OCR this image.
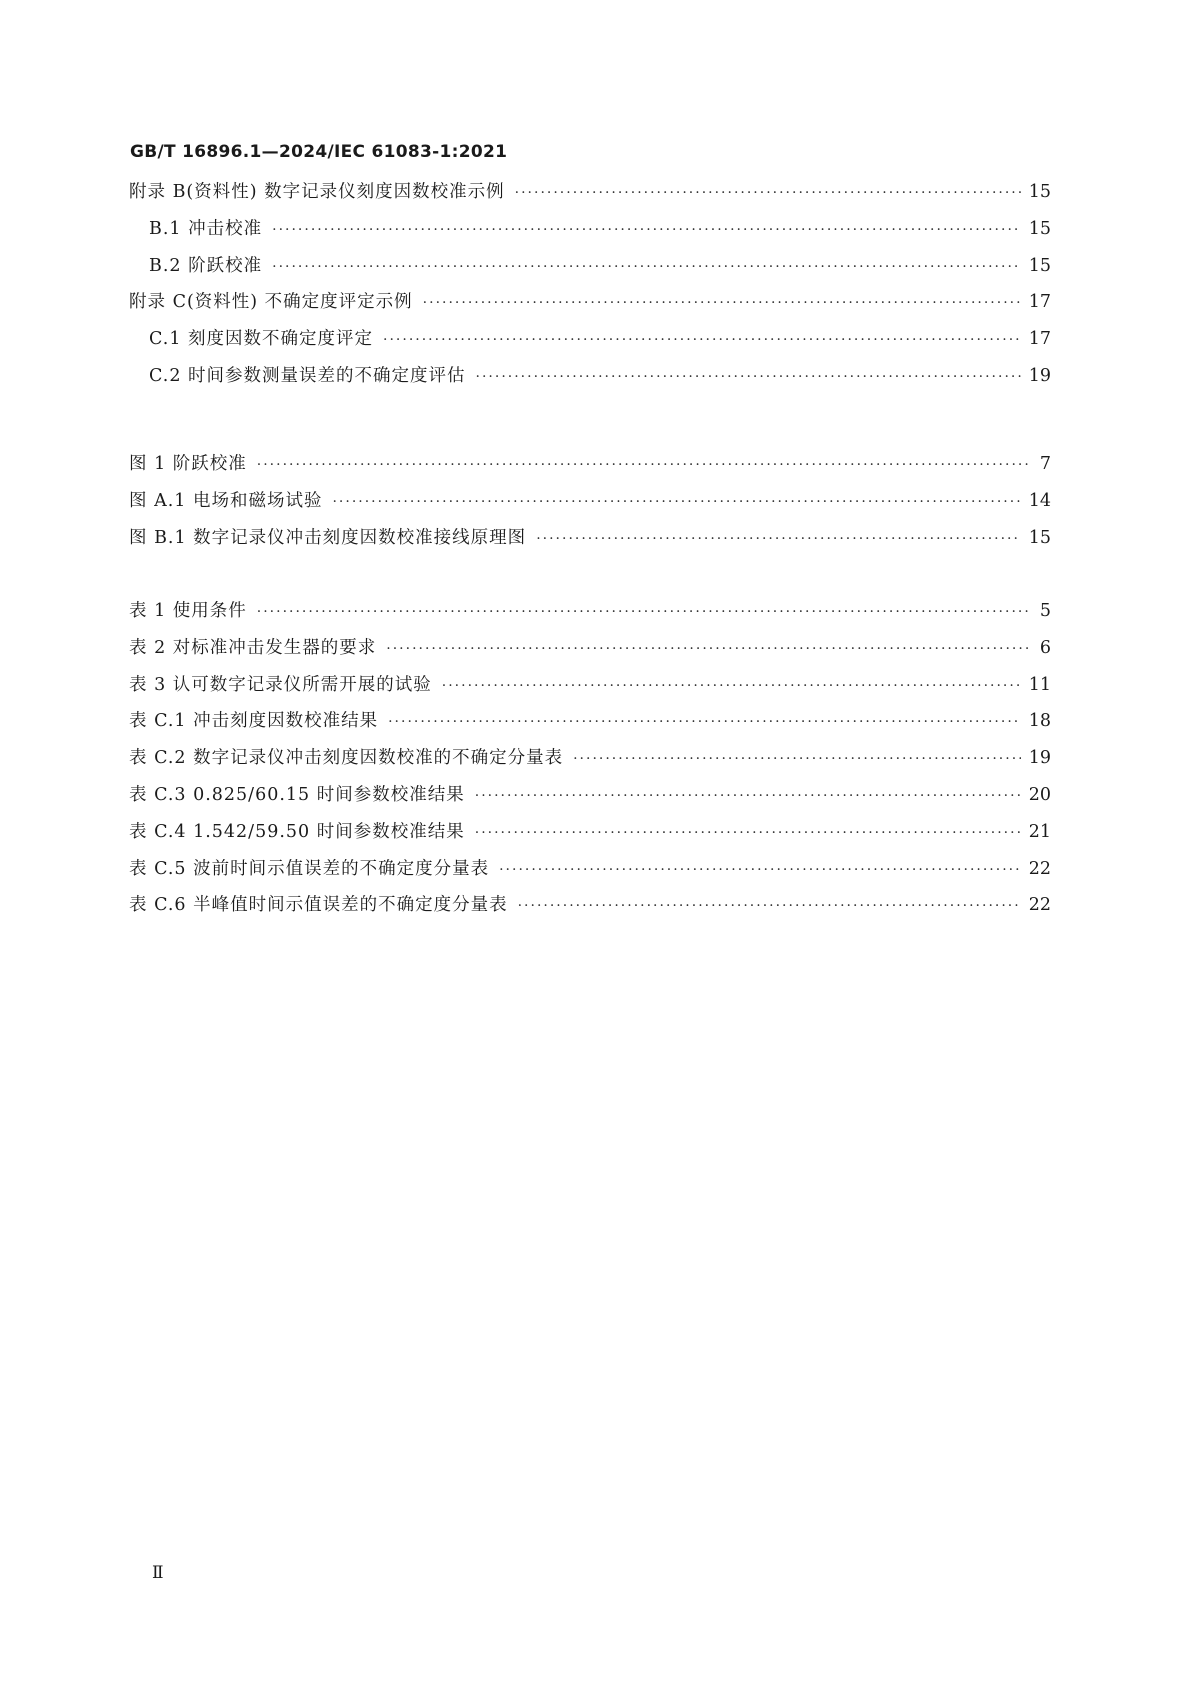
GB/T 16896.1—2024/IEC 61083-1:2021
附录 B(资料性) 数字记录仪刻度因数校准示例 ·····	15
B.1 冲击校准 ·····	15
B.2 阶跃校准 ·····	15
附录 C(资料性) 不确定度评定示例 ·····	17
C.1 刻度因数不确定度评定 ·····	17
C.2 时间参数测量误差的不确定度评估 ·····	19
图 1 阶跃校准 ·····	7
图 A.1 电场和磁场试验 ·····	14
图 B.1 数字记录仪冲击刻度因数校准接线原理图 ·····	15
表 1 使用条件 ·····	5
表 2 对标准冲击发生器的要求 ·····	6
表 3 认可数字记录仪所需开展的试验 ·····	11
表 C.1 冲击刻度因数校准结果 ·····	18
表 C.2 数字记录仪冲击刻度因数校准的不确定分量表 ·····	19
表 C.3 0.825/60.15 时间参数校准结果 ·····	20
表 C.4 1.542/59.50 时间参数校准结果 ·····	21
表 C.5 波前时间示值误差的不确定度分量表 ·····	22
表 C.6 半峰值时间示值误差的不确定度分量表 ·····	22
Ⅱ
